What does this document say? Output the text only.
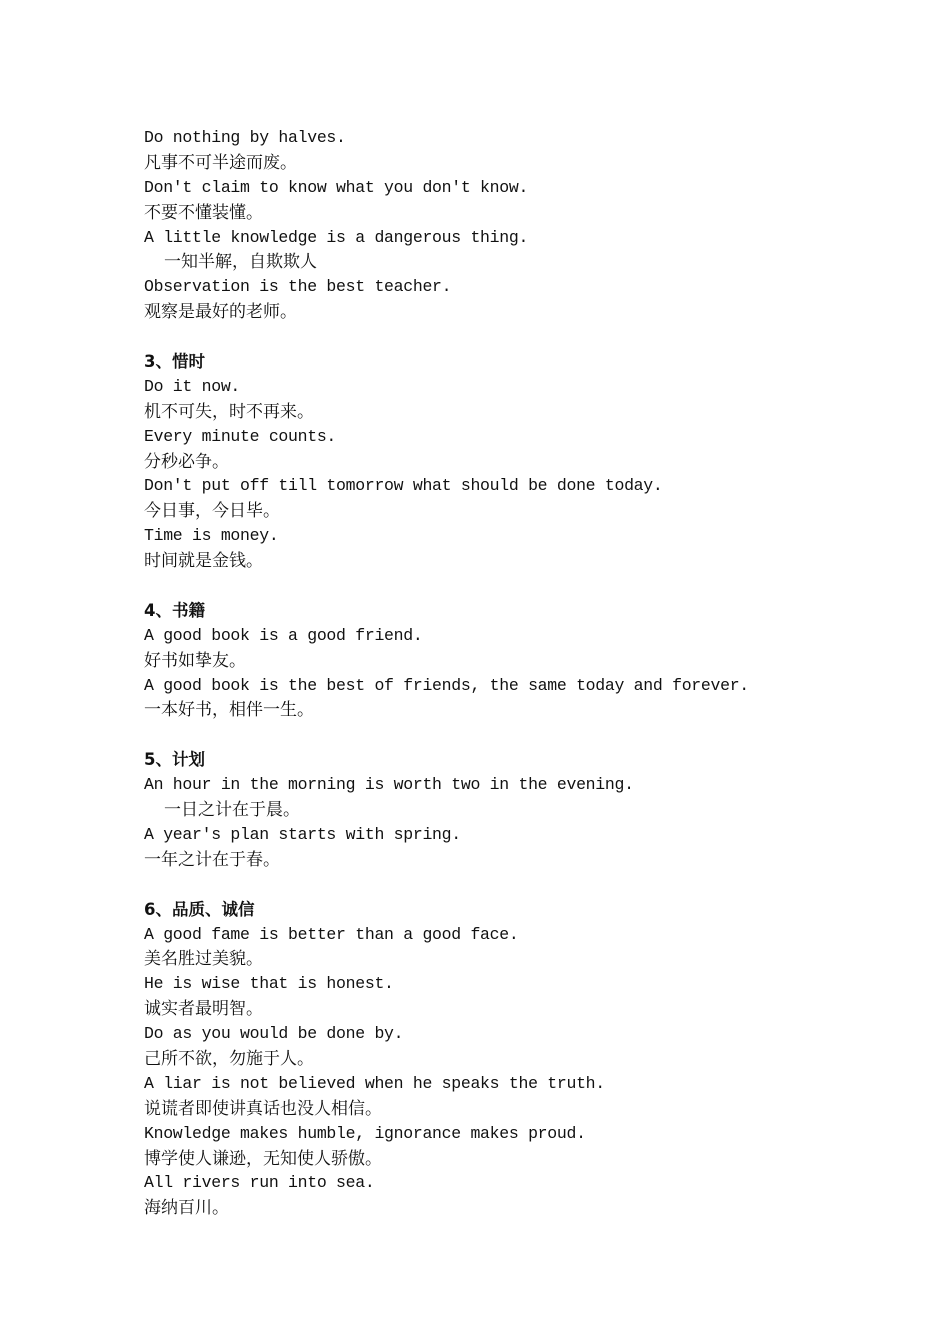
Do nothing by halves.
凡事不可半途而废。
Don't claim to know what you don't know.
不要不懂装懂。
A little knowledge is a dangerous thing.
一知半解，自欺欺人
Observation is the best teacher.
观察是最好的老师。
3、惜时
Do it now.
机不可失，时不再来。
Every minute counts.
分秒必争。
Don't put off till tomorrow what should be done today.
今日事，今日毕。
Time is money.
时间就是金钱。
4、书籍
A good book is a good friend.
好书如挚友。
A good book is the best of friends, the same today and forever.
一本好书，相伴一生。
5、计划
An hour in the morning is worth two in the evening.
一日之计在于晨。
A year's plan starts with spring.
一年之计在于春。
6、品质、诚信
A good fame is better than a good face.
美名胜过美貌。
He is wise that is honest.
诚实者最明智。
Do as you would be done by.
己所不欲，勿施于人。
A liar is not believed when he speaks the truth.
说谎者即使讲真话也没人相信。
Knowledge makes humble, ignorance makes proud.
博学使人谦逊，无知使人骄傲。
All rivers run into sea.
海纳百川。
